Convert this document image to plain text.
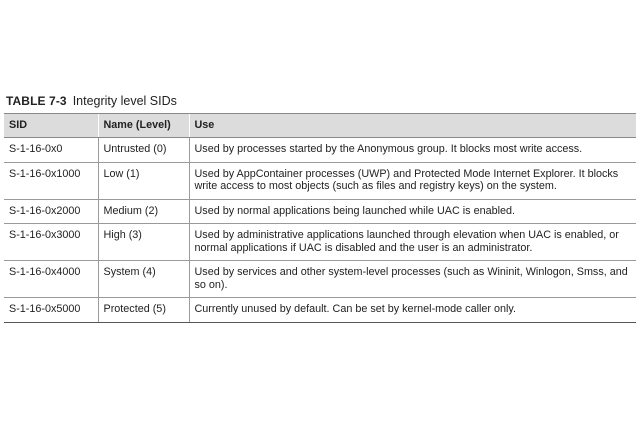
TABLE 7-3 Integrity level SIDs
SID	Name (Level)	Use
S-1-16-0x0	Untrusted (0)	Used by processes started by the Anonymous group. It blocks most write access.
S-1-16-0x1000	Low (1)	Used by AppContainer processes (UWP) and Protected Mode Internet Explorer. It blocks write access to most objects (such as files and registry keys) on the system.
S-1-16-0x2000	Medium (2)	Used by normal applications being launched while UAC is enabled.
S-1-16-0x3000	High (3)	Used by administrative applications launched through elevation when UAC is enabled, or normal applications if UAC is disabled and the user is an administrator.
S-1-16-0x4000	System (4)	Used by services and other system-level processes (such as Wininit, Winlogon, Smss, and so on).
S-1-16-0x5000	Protected (5)	Currently unused by default. Can be set by kernel-mode caller only.
